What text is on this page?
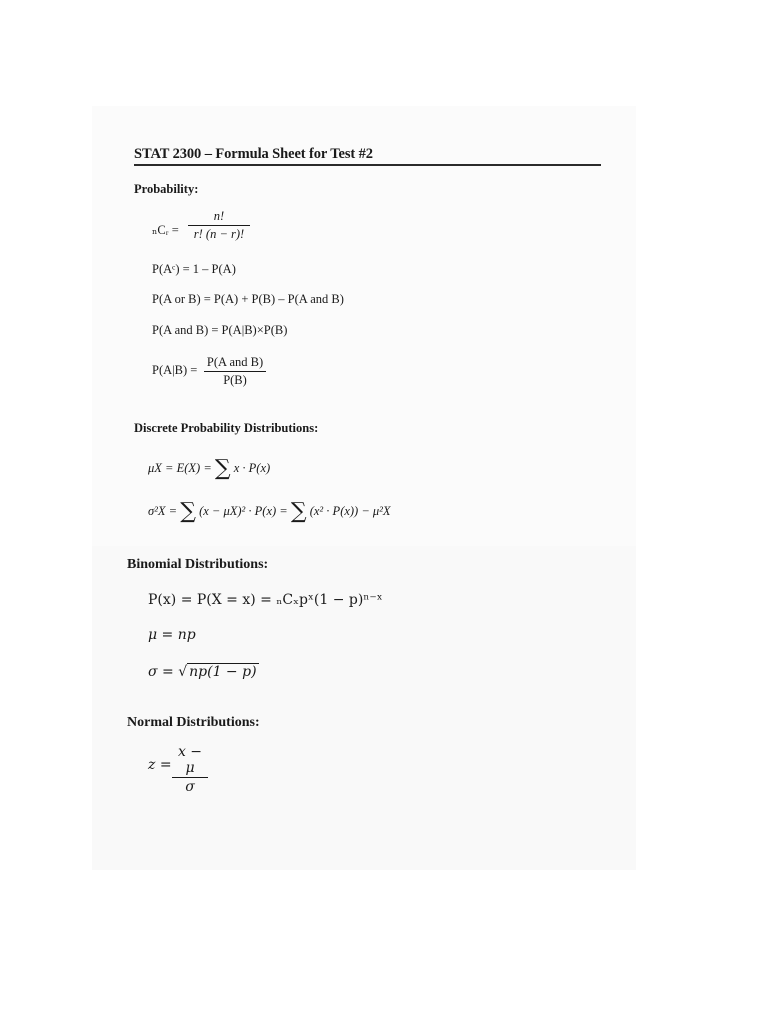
STAT 2300 – Formula Sheet for Test #2
Probability:
ₙCᵣ =
n!
r! (n − r)!
P(Aᶜ) = 1 – P(A)
P(A or B) = P(A) + P(B) – P(A and B)
P(A and B) = P(A|B)×P(B)
P(A|B) =
P(A and B)
P(B)
Discrete Probability Distributions:
μX = E(X) = ∑ x · P(x)
σ²X = ∑ (x − μX)² · P(x) = ∑ (x² · P(x)) − μ²X
Binomial Distributions:
P(x) = P(X = x) = ₙCₓpˣ(1 − p)ⁿ⁻ˣ
μ = np
σ = √ np(1 − p)
Normal Distributions:
z =
x − μ
σ
